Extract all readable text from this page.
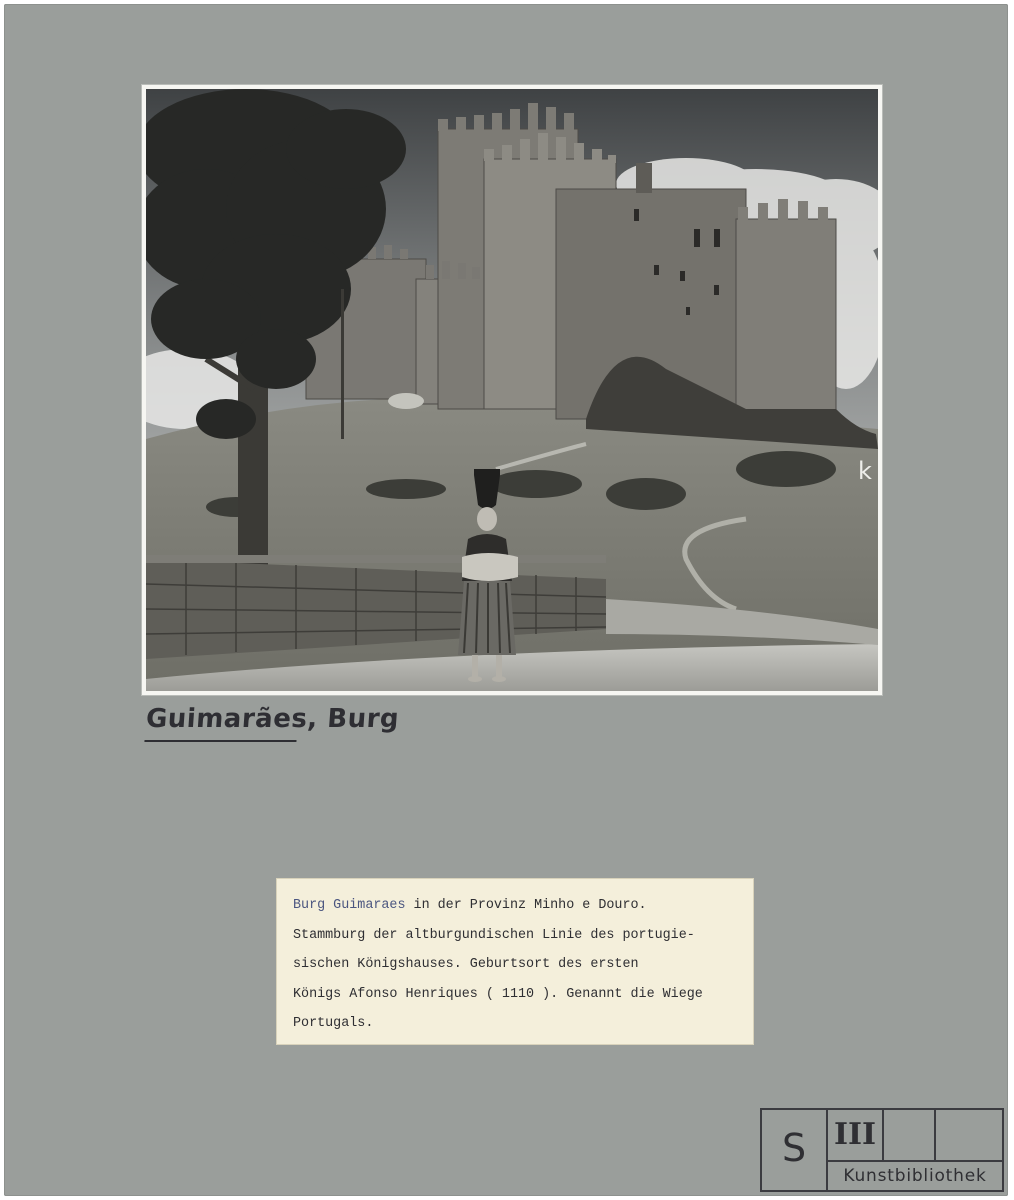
k
Guimarães, Burg
Burg Guimaraes in der Provinz Minho e Douro.
Stammburg der altburgundischen Linie des portugie-
sischen Königshauses. Geburtsort des ersten
Königs Afonso Henriques ( 1110 ). Genannt die Wiege
Portugals.
S III
Kunstbibliothek
